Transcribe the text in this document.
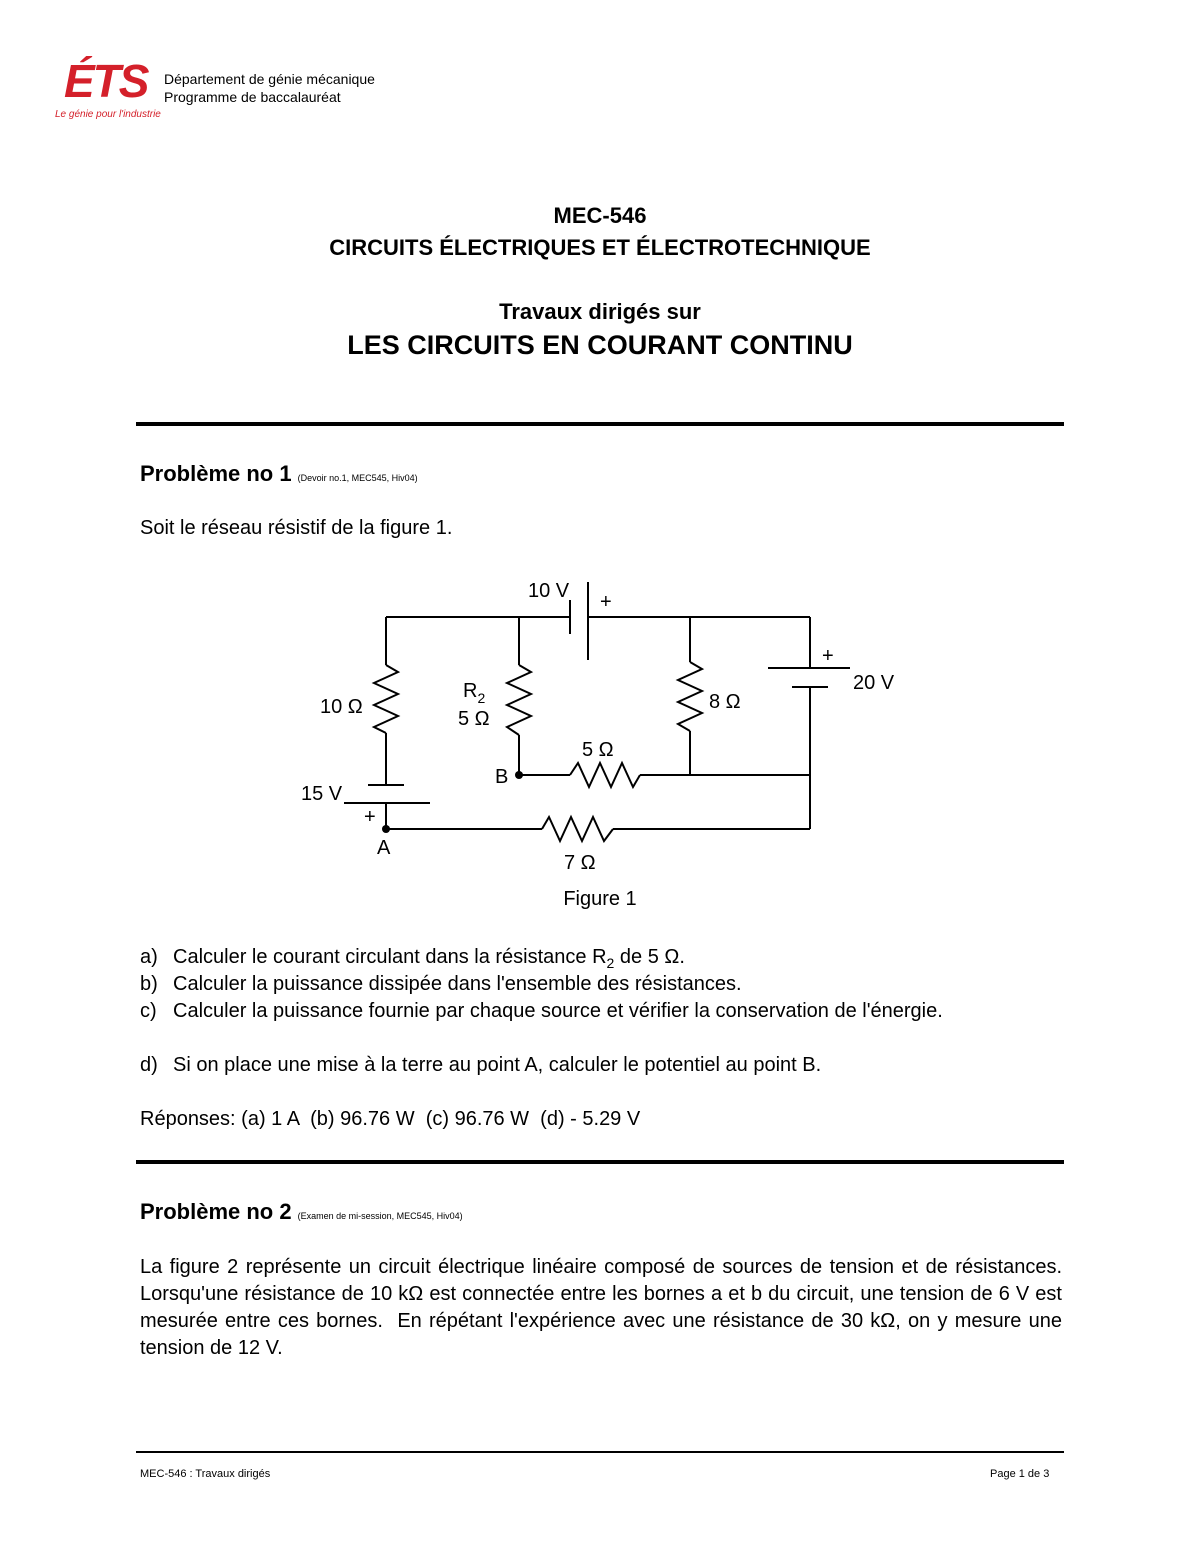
ÉTS
Le génie pour l'industrie
Département de génie mécanique
Programme de baccalauréat
MEC-546
CIRCUITS ÉLECTRIQUES ET ÉLECTROTECHNIQUE
Travaux dirigés sur
LES CIRCUITS EN COURANT CONTINU
Problème no 1 (Devoir no.1, MEC545, Hiv04)
Soit le réseau résistif de la figure 1.
10 V +
+
20 V
10 Ω
$R_2$
5 Ω
8 Ω
5 Ω
B
15 V
+
A
7 Ω
Figure 1
a) Calculer le courant circulant dans la résistance $R_2$ de 5 Ω.
b) Calculer la puissance dissipée dans l'ensemble des résistances.
c) Calculer la puissance fournie par chaque source et vérifier la conservation de l'énergie.
d) Si on place une mise à la terre au point A, calculer le potentiel au point B.
Réponses: (a) 1 A  (b) 96.76 W  (c) 96.76 W  (d) - 5.29 V
Problème no 2 (Examen de mi-session, MEC545, Hiv04)
La figure 2 représente un circuit électrique linéaire composé de sources de tension et de résistances.  Lorsqu'une résistance de 10 kΩ est connectée entre les bornes a et b du circuit, une tension de 6 V est mesurée entre ces bornes.  En répétant l'expérience avec une résistance de 30 kΩ, on y mesure une tension de 12 V.
MEC-546 : Travaux dirigés	Page 1 de 3
